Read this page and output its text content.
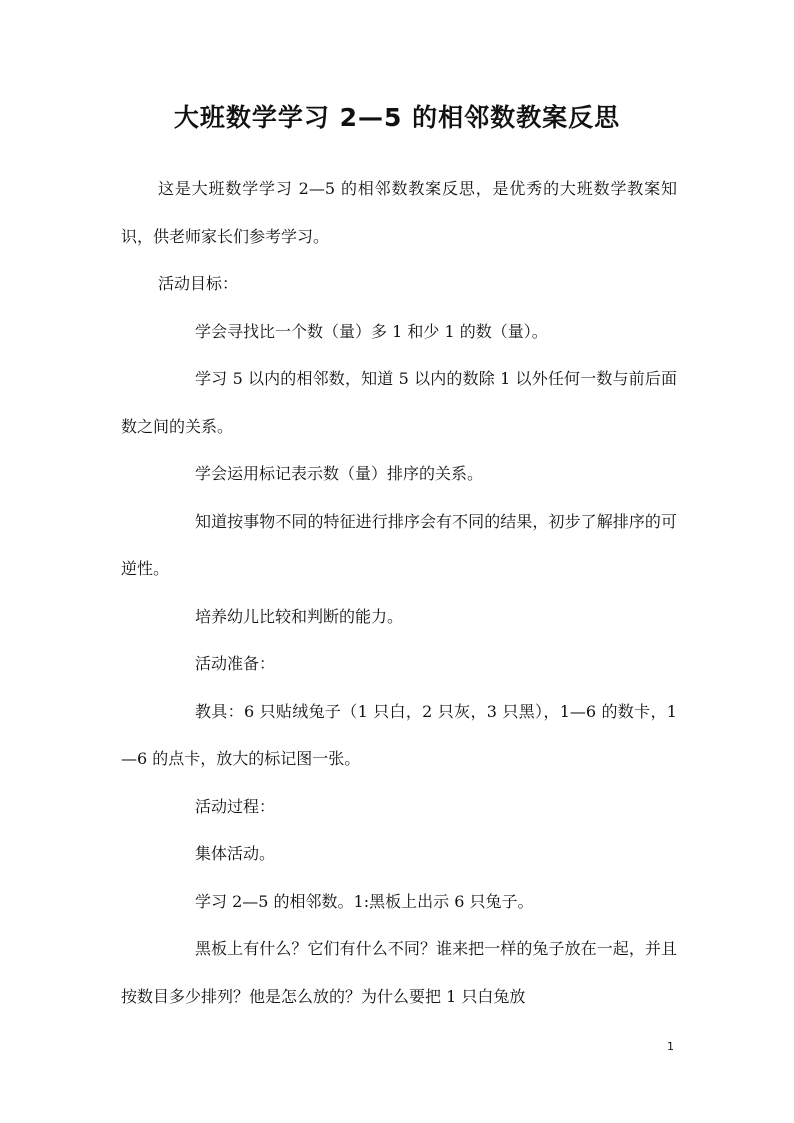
大班数学学习 2—5 的相邻数教案反思

这是大班数学学习 2—5 的相邻数教案反思，是优秀的大班数学教案知识，供老师家长们参考学习。

活动目标：

学会寻找比一个数（量）多 1 和少 1 的数（量）。

学习 5 以内的相邻数，知道 5 以内的数除 1 以外任何一数与前后面数之间的关系。

学会运用标记表示数（量）排序的关系。

知道按事物不同的特征进行排序会有不同的结果，初步了解排序的可逆性。

培养幼儿比较和判断的能力。

活动准备：

教具：6 只贴绒兔子（1 只白，2 只灰，3 只黑），1—6 的数卡，1—6 的点卡，放大的标记图一张。

活动过程：

集体活动。

学习 2—5 的相邻数。1:黑板上出示 6 只兔子。

黑板上有什么？它们有什么不同？谁来把一样的兔子放在一起，并且按数目多少排列？他是怎么放的？为什么要把 1 只白兔放

1
